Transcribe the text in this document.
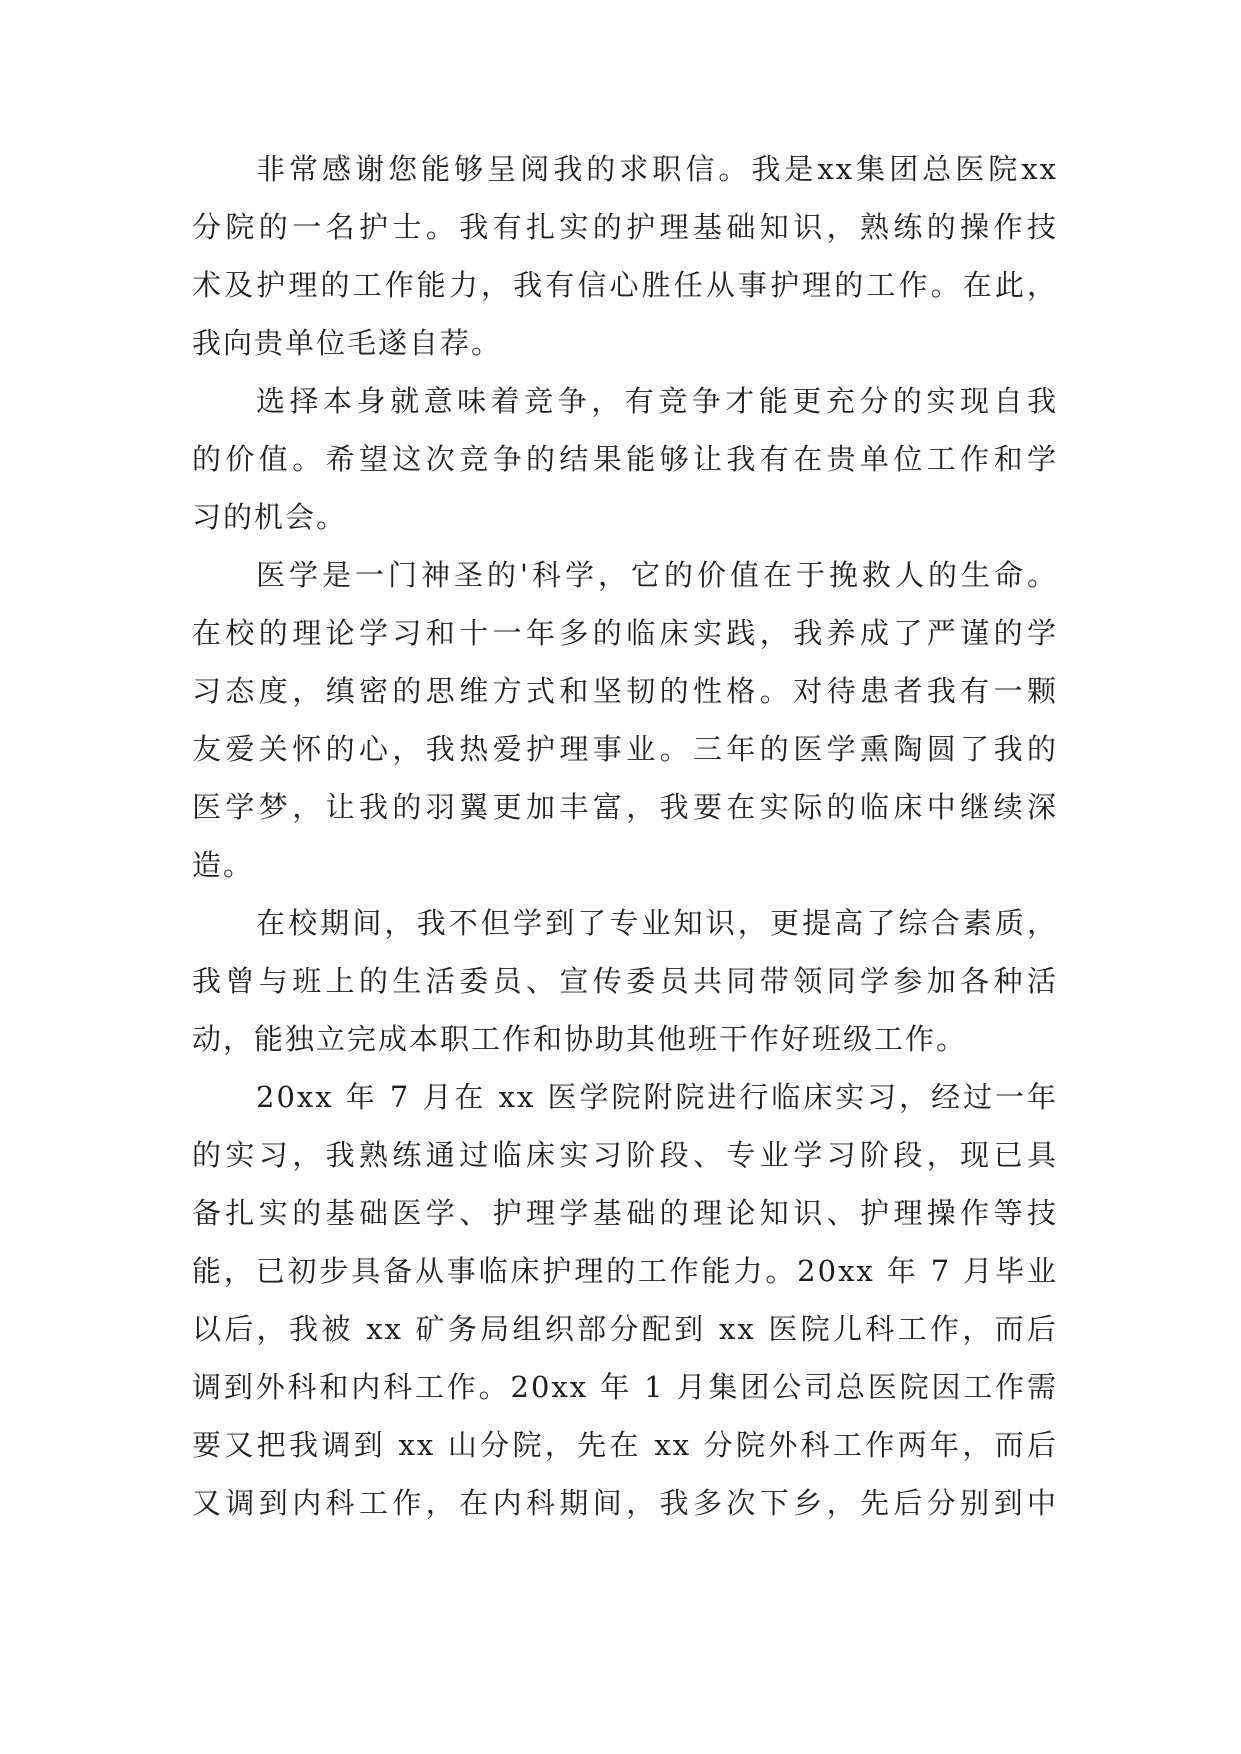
非常感谢您能够呈阅我的求职信。我是xx集团总医院xx
分院的一名护士。我有扎实的护理基础知识，熟练的操作技
术及护理的工作能力，我有信心胜任从事护理的工作。在此，
我向贵单位毛遂自荐。
选择本身就意味着竞争，有竞争才能更充分的实现自我
的价值。希望这次竞争的结果能够让我有在贵单位工作和学
习的机会。
医学是一门神圣的'科学，它的价值在于挽救人的生命。
在校的理论学习和十一年多的临床实践，我养成了严谨的学
习态度，缜密的思维方式和坚韧的性格。对待患者我有一颗
友爱关怀的心，我热爱护理事业。三年的医学熏陶圆了我的
医学梦，让我的羽翼更加丰富，我要在实际的临床中继续深
造。
在校期间，我不但学到了专业知识，更提高了综合素质，
我曾与班上的生活委员、宣传委员共同带领同学参加各种活
动，能独立完成本职工作和协助其他班干作好班级工作。
20xx 年 7 月在 xx 医学院附院进行临床实习，经过一年
的实习，我熟练通过临床实习阶段、专业学习阶段，现已具
备扎实的基础医学、护理学基础的理论知识、护理操作等技
能，已初步具备从事临床护理的工作能力。20xx 年 7 月毕业
以后，我被 xx 矿务局组织部分配到 xx 医院儿科工作，而后
调到外科和内科工作。20xx 年 1 月集团公司总医院因工作需
要又把我调到 xx 山分院，先在 xx 分院外科工作两年，而后
又调到内科工作，在内科期间，我多次下乡，先后分别到中
